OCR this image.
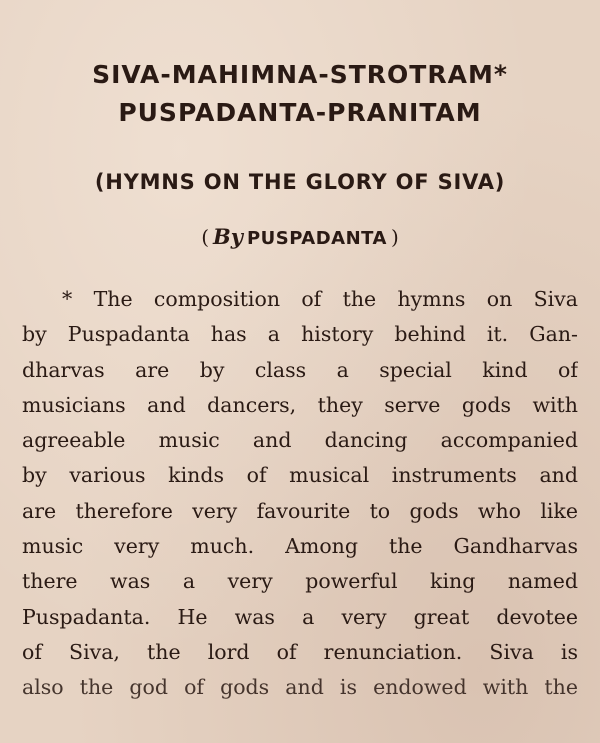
SIVA-MAHIMNA-STROTRAM*
PUSPADANTA-PRANITAM
(HYMNS ON THE GLORY OF SIVA)
( By PUSPADANTA )
* The composition of the hymns on Siva
by Puspadanta has a history behind it. Gan-
dharvas are by class a special kind of
musicians and dancers, they serve gods with
agreeable music and dancing accompanied
by various kinds of musical instruments and
are therefore very favourite to gods who like
music very much. Among the Gandharvas
there was a very powerful king named
Puspadanta. He was a very great devotee
of Siva, the lord of renunciation. Siva is
also the god of gods and is endowed with the
